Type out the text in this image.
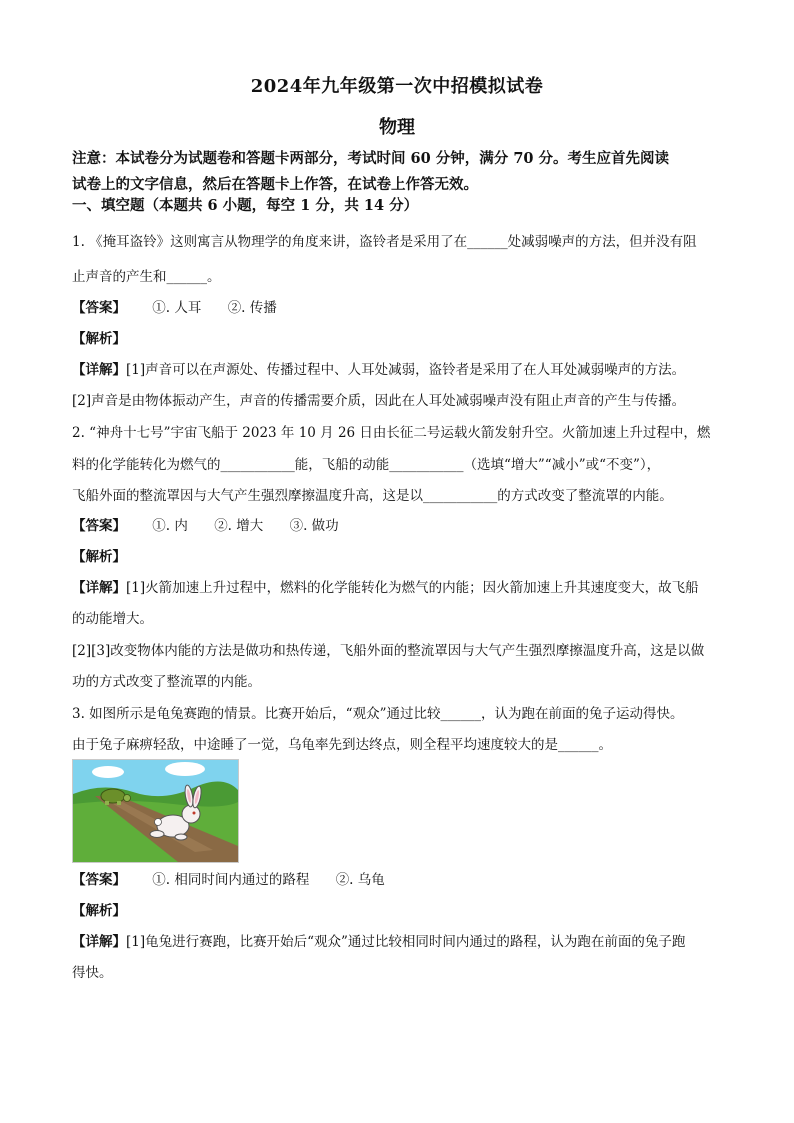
2024年九年级第一次中招模拟试卷
物理
注意：本试卷分为试题卷和答题卡两部分，考试时间 60 分钟，满分 70 分。考生应首先阅读
试卷上的文字信息，然后在答题卡上作答，在试卷上作答无效。
一、填空题（本题共 6 小题，每空 1 分，共 14 分）
1. 《掩耳盗铃》这则寓言从物理学的角度来讲，盗铃者是采用了在______处减弱噪声的方法，但并没有阻
止声音的产生和______。
【答案】 ①. 人耳 ②. 传播
【解析】
【详解】[1]声音可以在声源处、传播过程中、人耳处减弱，盗铃者是采用了在人耳处减弱噪声的方法。
[2]声音是由物体振动产生，声音的传播需要介质，因此在人耳处减弱噪声没有阻止声音的产生与传播。
2. “神舟十七号”宇宙飞船于 2023 年 10 月 26 日由长征二号运载火箭发射升空。火箭加速上升过程中，燃
料的化学能转化为燃气的___________能，飞船的动能___________（选填“增大”“减小”或“不变”），
飞船外面的整流罩因与大气产生强烈摩擦温度升高，这是以___________的方式改变了整流罩的内能。
【答案】 ①. 内 ②. 增大 ③. 做功
【解析】
【详解】[1]火箭加速上升过程中，燃料的化学能转化为燃气的内能；因火箭加速上升其速度变大，故飞船
的动能增大。
[2][3]改变物体内能的方法是做功和热传递，飞船外面的整流罩因与大气产生强烈摩擦温度升高，这是以做
功的方式改变了整流罩的内能。
3. 如图所示是龟兔赛跑的情景。比赛开始后，“观众”通过比较______，认为跑在前面的兔子运动得快。
由于兔子麻痹轻敌，中途睡了一觉，乌龟率先到达终点，则全程平均速度较大的是______。
【答案】 ①. 相同时间内通过的路程 ②. 乌龟
【解析】
【详解】[1]龟兔进行赛跑，比赛开始后“观众”通过比较相同时间内通过的路程，认为跑在前面的兔子跑
得快。
